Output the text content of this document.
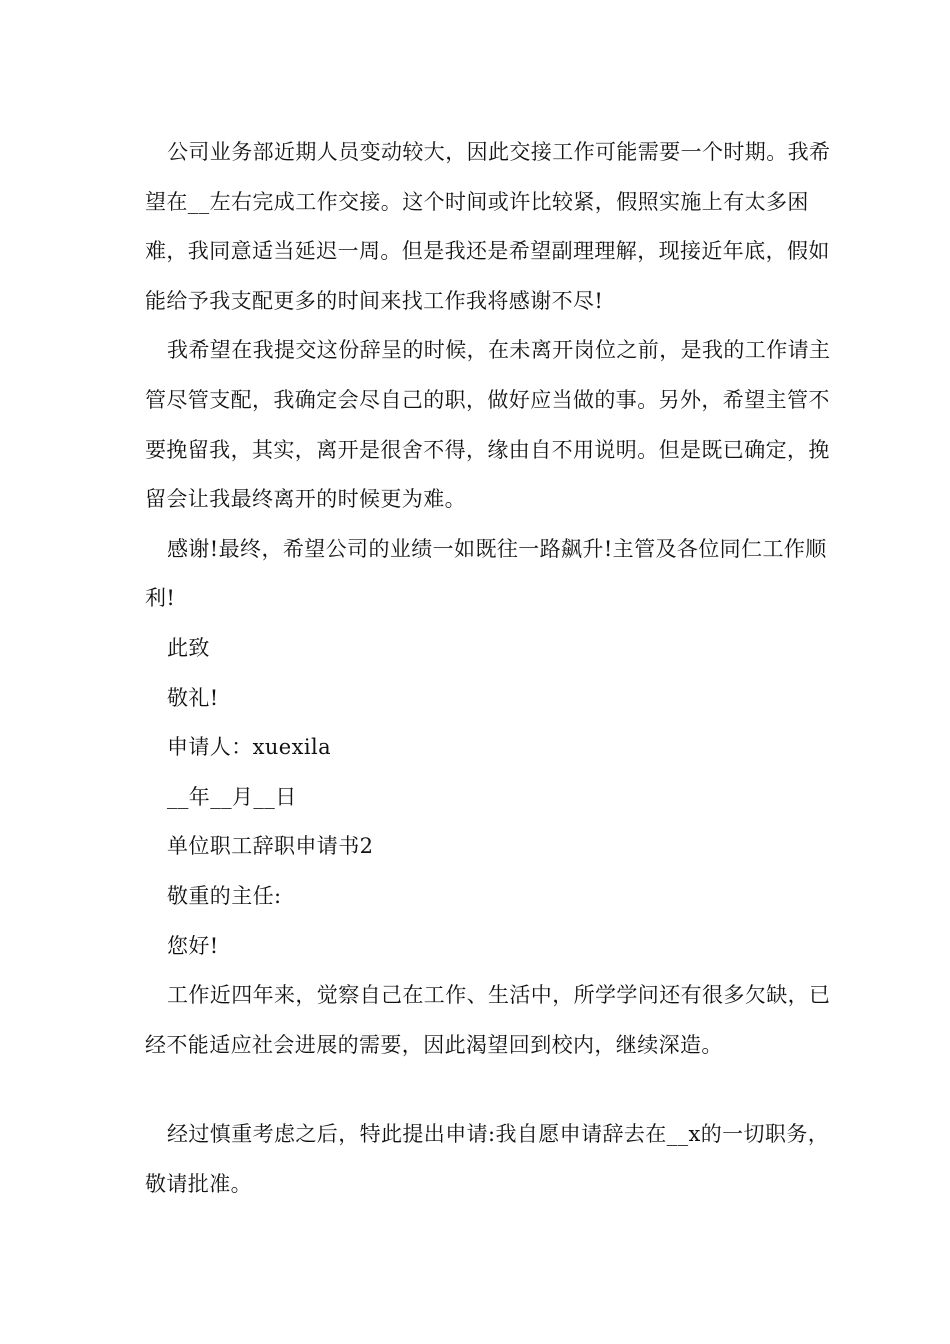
公司业务部近期人员变动较大，因此交接工作可能需要一个时期。我希望在__左右完成工作交接。这个时间或许比较紧，假照实施上有太多困难，我同意适当延迟一周。但是我还是希望副理理解，现接近年底，假如能给予我支配更多的时间来找工作我将感谢不尽!

我希望在我提交这份辞呈的时候，在未离开岗位之前，是我的工作请主管尽管支配，我确定会尽自己的职，做好应当做的事。另外，希望主管不要挽留我，其实，离开是很舍不得，缘由自不用说明。但是既已确定，挽留会让我最终离开的时候更为难。

感谢!最终，希望公司的业绩一如既往一路飙升!主管及各位同仁工作顺利!

此致

敬礼!

申请人：xuexila

__年__月__日

单位职工辞职申请书2

敬重的主任:

您好!

工作近四年来，觉察自己在工作、生活中，所学学问还有很多欠缺，已经不能适应社会进展的需要，因此渴望回到校内，继续深造。

经过慎重考虑之后，特此提出申请:我自愿申请辞去在__x的一切职务，敬请批准。
